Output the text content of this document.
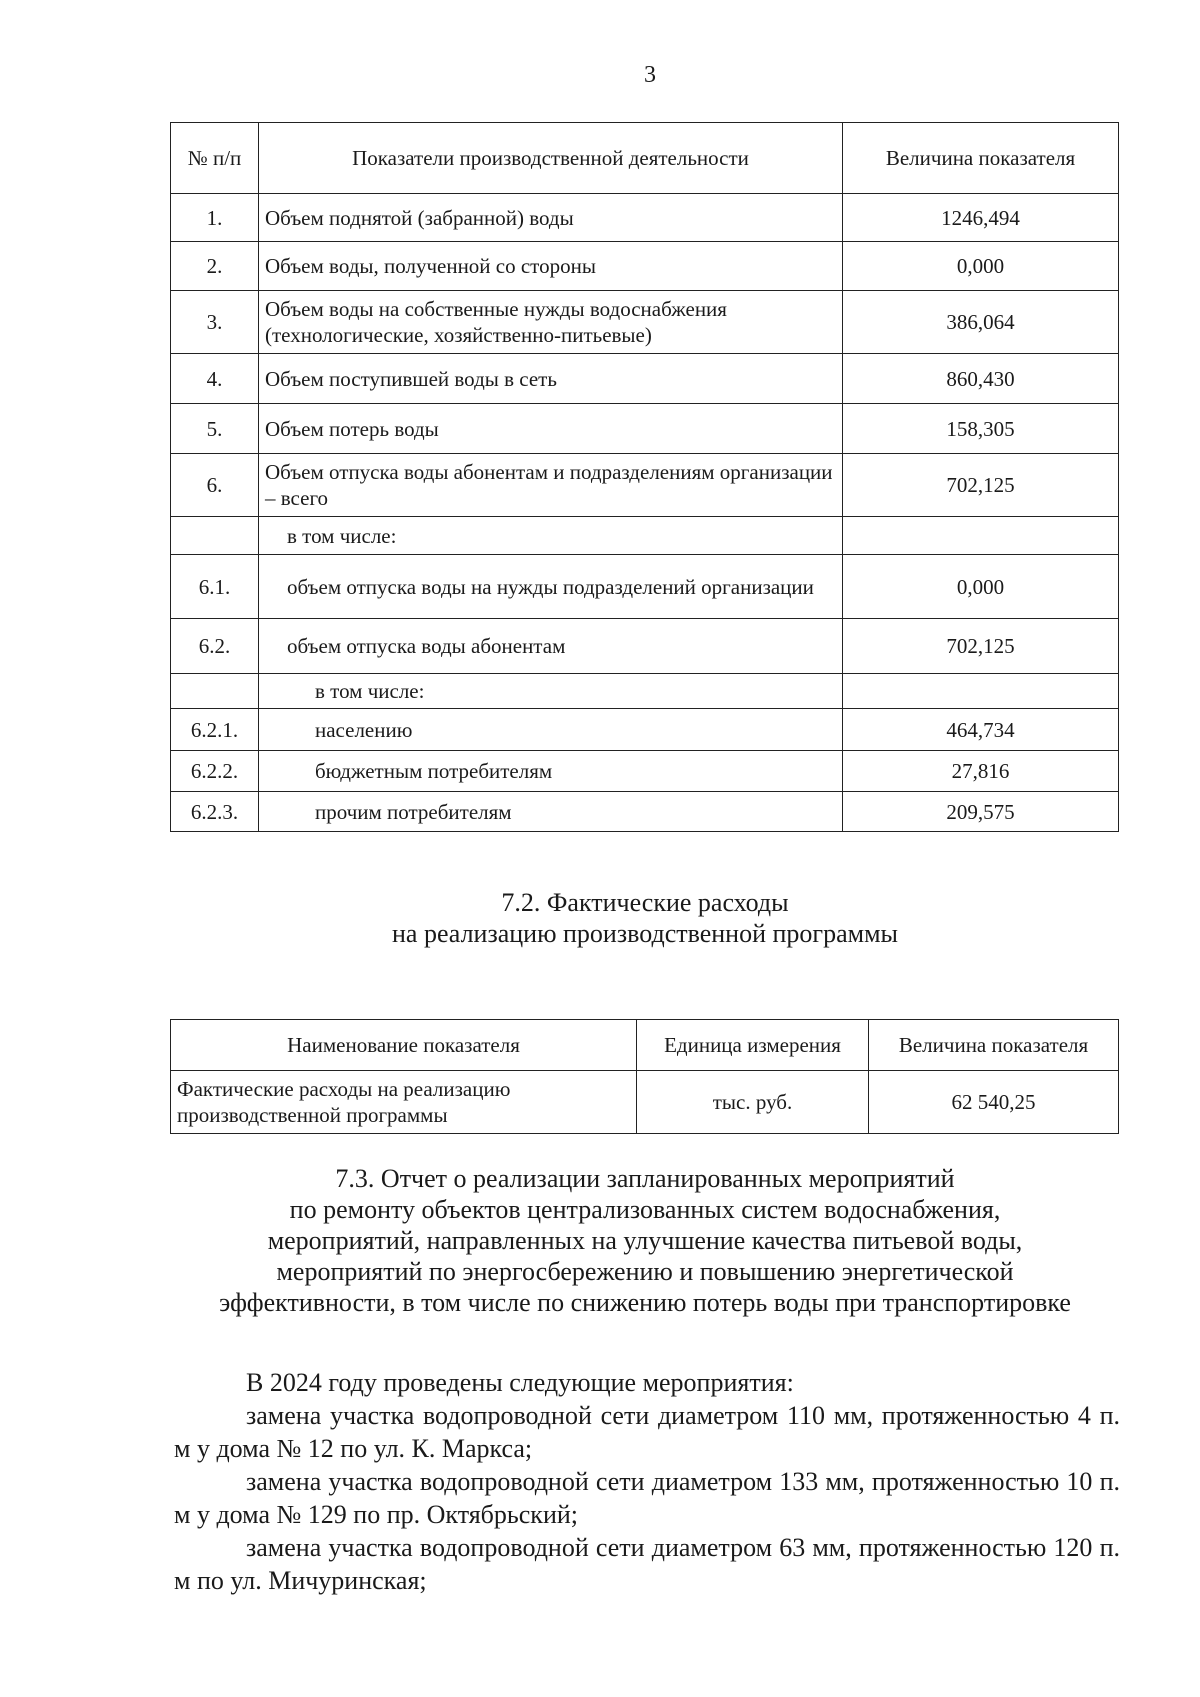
3
№ п/п	Показатели производственной деятельности	Величина показателя
1.	Объем поднятой (забранной) воды	1246,494
2.	Объем воды, полученной со стороны	0,000
3.	Объем воды на собственные нужды водоснабжения (технологические, хозяйственно-питьевые)	386,064
4.	Объем поступившей воды в сеть	860,430
5.	Объем потерь воды	158,305
6.	Объем отпуска воды абонентам и подразделениям организации – всего	702,125
	в том числе:	
6.1.	объем отпуска воды на нужды подразделений организации	0,000
6.2.	объем отпуска воды абонентам	702,125
	в том числе:	
6.2.1.	населению	464,734
6.2.2.	бюджетным потребителям	27,816
6.2.3.	прочим потребителям	209,575
7.2. Фактические расходы
на реализацию производственной программы
Наименование показателя	Единица измерения	Величина показателя
Фактические расходы на реализацию производственной программы	тыс. руб.	62 540,25
7.3. Отчет о реализации запланированных мероприятий
по ремонту объектов централизованных систем водоснабжения,
мероприятий, направленных на улучшение качества питьевой воды,
мероприятий по энергосбережению и повышению энергетической
эффективности, в том числе по снижению потерь воды при транспортировке

В 2024 году проведены следующие мероприятия:

замена участка водопроводной сети диаметром 110 мм, протяженностью 4 п. м у дома № 12 по ул. К. Маркса;

замена участка водопроводной сети диаметром 133 мм, протяженностью 10 п. м у дома № 129 по пр. Октябрьский;

замена участка водопроводной сети диаметром 63 мм, протяженностью 120 п. м по ул. Мичуринская;
